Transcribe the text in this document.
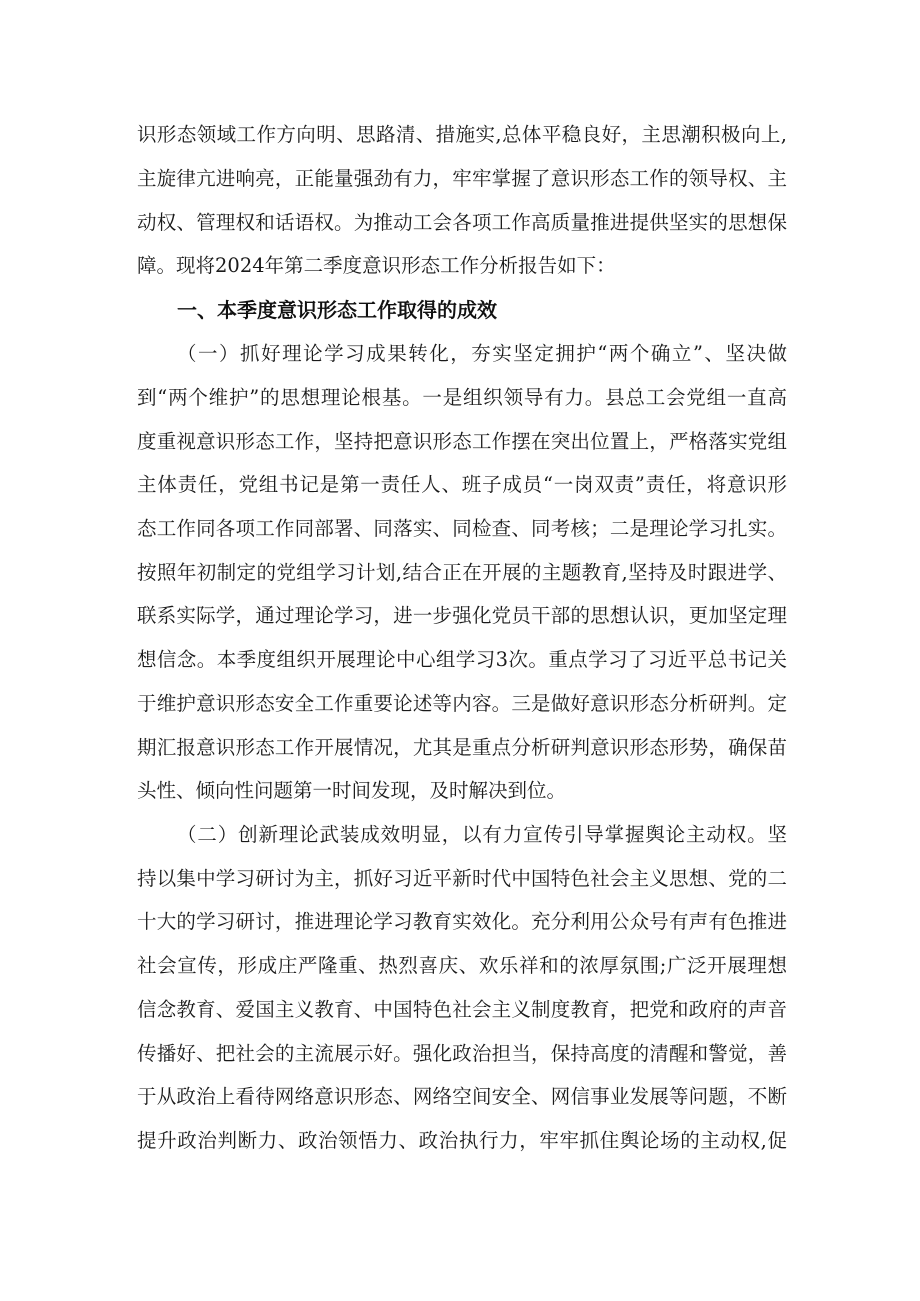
识形态领域工作方向明、思路清、措施实,总体平稳良好，主思潮积极向上,

主旋律亢进响亮，正能量强劲有力，牢牢掌握了意识形态工作的领导权、主

动权、管理权和话语权。为推动工会各项工作高质量推进提供坚实的思想保

障。现将2024年第二季度意识形态工作分析报告如下：

一、本季度意识形态工作取得的成效

（一）抓好理论学习成果转化，夯实坚定拥护“两个确立”、坚决做

到“两个维护”的思想理论根基。一是组织领导有力。县总工会党组一直高

度重视意识形态工作，坚持把意识形态工作摆在突出位置上，严格落实党组

主体责任，党组书记是第一责任人、班子成员“一岗双责”责任，将意识形

态工作同各项工作同部署、同落实、同检查、同考核；二是理论学习扎实。

按照年初制定的党组学习计划,结合正在开展的主题教育,坚持及时跟进学、

联系实际学，通过理论学习，进一步强化党员干部的思想认识，更加坚定理

想信念。本季度组织开展理论中心组学习3次。重点学习了习近平总书记关

于维护意识形态安全工作重要论述等内容。三是做好意识形态分析研判。定

期汇报意识形态工作开展情况，尤其是重点分析研判意识形态形势，确保苗

头性、倾向性问题第一时间发现，及时解决到位。

（二）创新理论武装成效明显，以有力宣传引导掌握舆论主动权。坚

持以集中学习研讨为主，抓好习近平新时代中国特色社会主义思想、党的二

十大的学习研讨，推进理论学习教育实效化。充分利用公众号有声有色推进

社会宣传，形成庄严隆重、热烈喜庆、欢乐祥和的浓厚氛围;广泛开展理想

信念教育、爱国主义教育、中国特色社会主义制度教育，把党和政府的声音

传播好、把社会的主流展示好。强化政治担当，保持高度的清醒和警觉，善

于从政治上看待网络意识形态、网络空间安全、网信事业发展等问题，不断

提升政治判断力、政治领悟力、政治执行力，牢牢抓住舆论场的主动权,促
